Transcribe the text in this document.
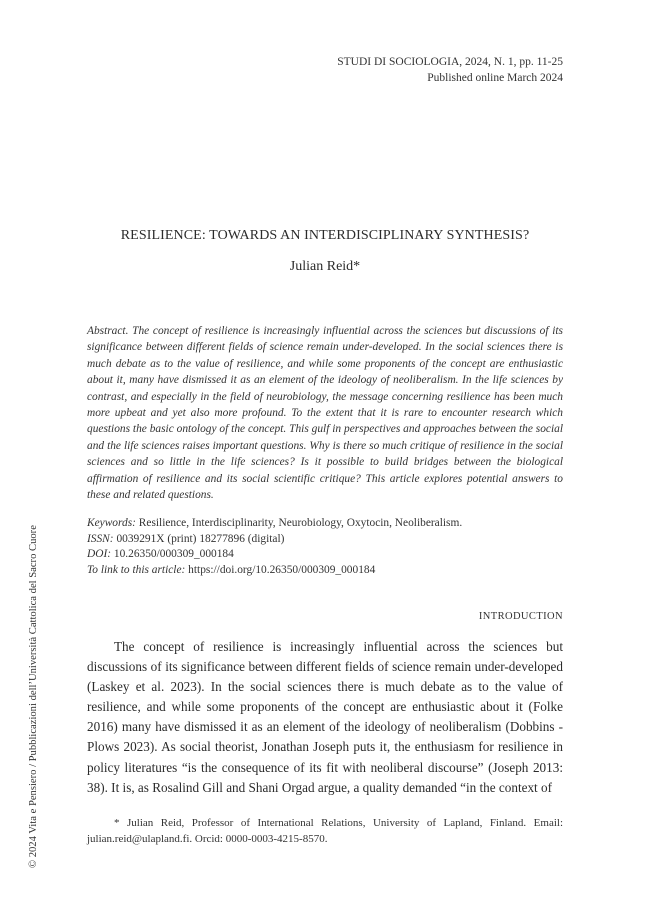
STUDI DI SOCIOLOGIA, 2024, N. 1, pp. 11-25
Published online March 2024
RESILIENCE: TOWARDS AN INTERDISCIPLINARY SYNTHESIS?
Julian Reid*
Abstract. The concept of resilience is increasingly influential across the sciences but discussions of its significance between different fields of science remain under-developed. In the social sciences there is much debate as to the value of resilience, and while some proponents of the concept are enthusiastic about it, many have dismissed it as an element of the ideology of neoliberalism. In the life sciences by contrast, and especially in the field of neurobiology, the message concerning resilience has been much more upbeat and yet also more profound. To the extent that it is rare to encounter research which questions the basic ontology of the concept. This gulf in perspectives and approaches between the social and the life sciences raises important questions. Why is there so much critique of resilience in the social sciences and so little in the life sciences? Is it possible to build bridges between the biological affirmation of resilience and its social scientific critique? This article explores potential answers to these and related questions.
Keywords: Resilience, Interdisciplinarity, Neurobiology, Oxytocin, Neoliberalism.
ISSN: 0039291X (print) 18277896 (digital)
DOI: 10.26350/000309_000184
To link to this article: https://doi.org/10.26350/000309_000184
INTRODUCTION

The concept of resilience is increasingly influential across the sciences but discussions of its significance between different fields of science remain under-developed (Laskey et al. 2023). In the social sciences there is much debate as to the value of resilience, and while some proponents of the concept are enthusiastic about it (Folke 2016) many have dismissed it as an element of the ideology of neoliberalism (Dobbins - Plows 2023). As social theorist, Jonathan Joseph puts it, the enthusiasm for resilience in policy literatures “is the consequence of its fit with neoliberal discourse” (Joseph 2013: 38). It is, as Rosalind Gill and Shani Orgad argue, a quality demanded “in the context of

* Julian Reid, Professor of International Relations, University of Lapland, Finland. Email: julian.reid@ulapland.fi. Orcid: 0000-0003-4215-8570.
© 2024 Vita e Pensiero / Pubblicazioni dell’Università Cattolica del Sacro Cuore
